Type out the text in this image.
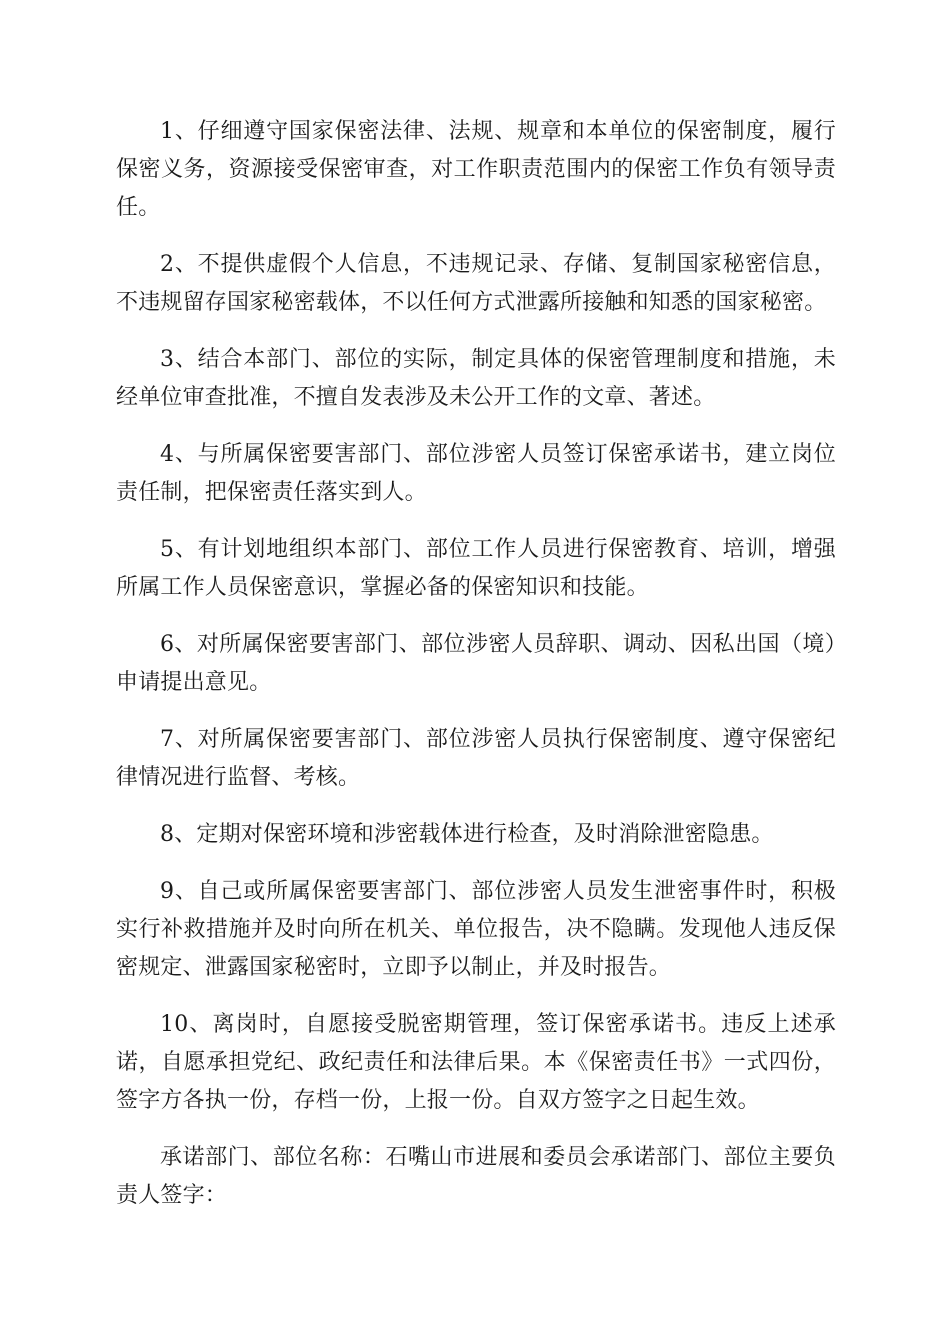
1、仔细遵守国家保密法律、法规、规章和本单位的保密制度，履行保密义务，资源接受保密审查，对工作职责范围内的保密工作负有领导责任。

2、不提供虚假个人信息，不违规记录、存储、复制国家秘密信息，不违规留存国家秘密载体，不以任何方式泄露所接触和知悉的国家秘密。

3、结合本部门、部位的实际，制定具体的保密管理制度和措施，未经单位审查批准，不擅自发表涉及未公开工作的文章、著述。

4、与所属保密要害部门、部位涉密人员签订保密承诺书，建立岗位责任制，把保密责任落实到人。

5、有计划地组织本部门、部位工作人员进行保密教育、培训，增强所属工作人员保密意识，掌握必备的保密知识和技能。

6、对所属保密要害部门、部位涉密人员辞职、调动、因私出国（境）申请提出意见。

7、对所属保密要害部门、部位涉密人员执行保密制度、遵守保密纪律情况进行监督、考核。

8、定期对保密环境和涉密载体进行检查，及时消除泄密隐患。

9、自己或所属保密要害部门、部位涉密人员发生泄密事件时，积极实行补救措施并及时向所在机关、单位报告，决不隐瞒。发现他人违反保密规定、泄露国家秘密时，立即予以制止，并及时报告。

10、离岗时，自愿接受脱密期管理，签订保密承诺书。违反上述承诺，自愿承担党纪、政纪责任和法律后果。本《保密责任书》一式四份，签字方各执一份，存档一份，上报一份。自双方签字之日起生效。

承诺部门、部位名称：石嘴山市进展和委员会承诺部门、部位主要负责人签字：
